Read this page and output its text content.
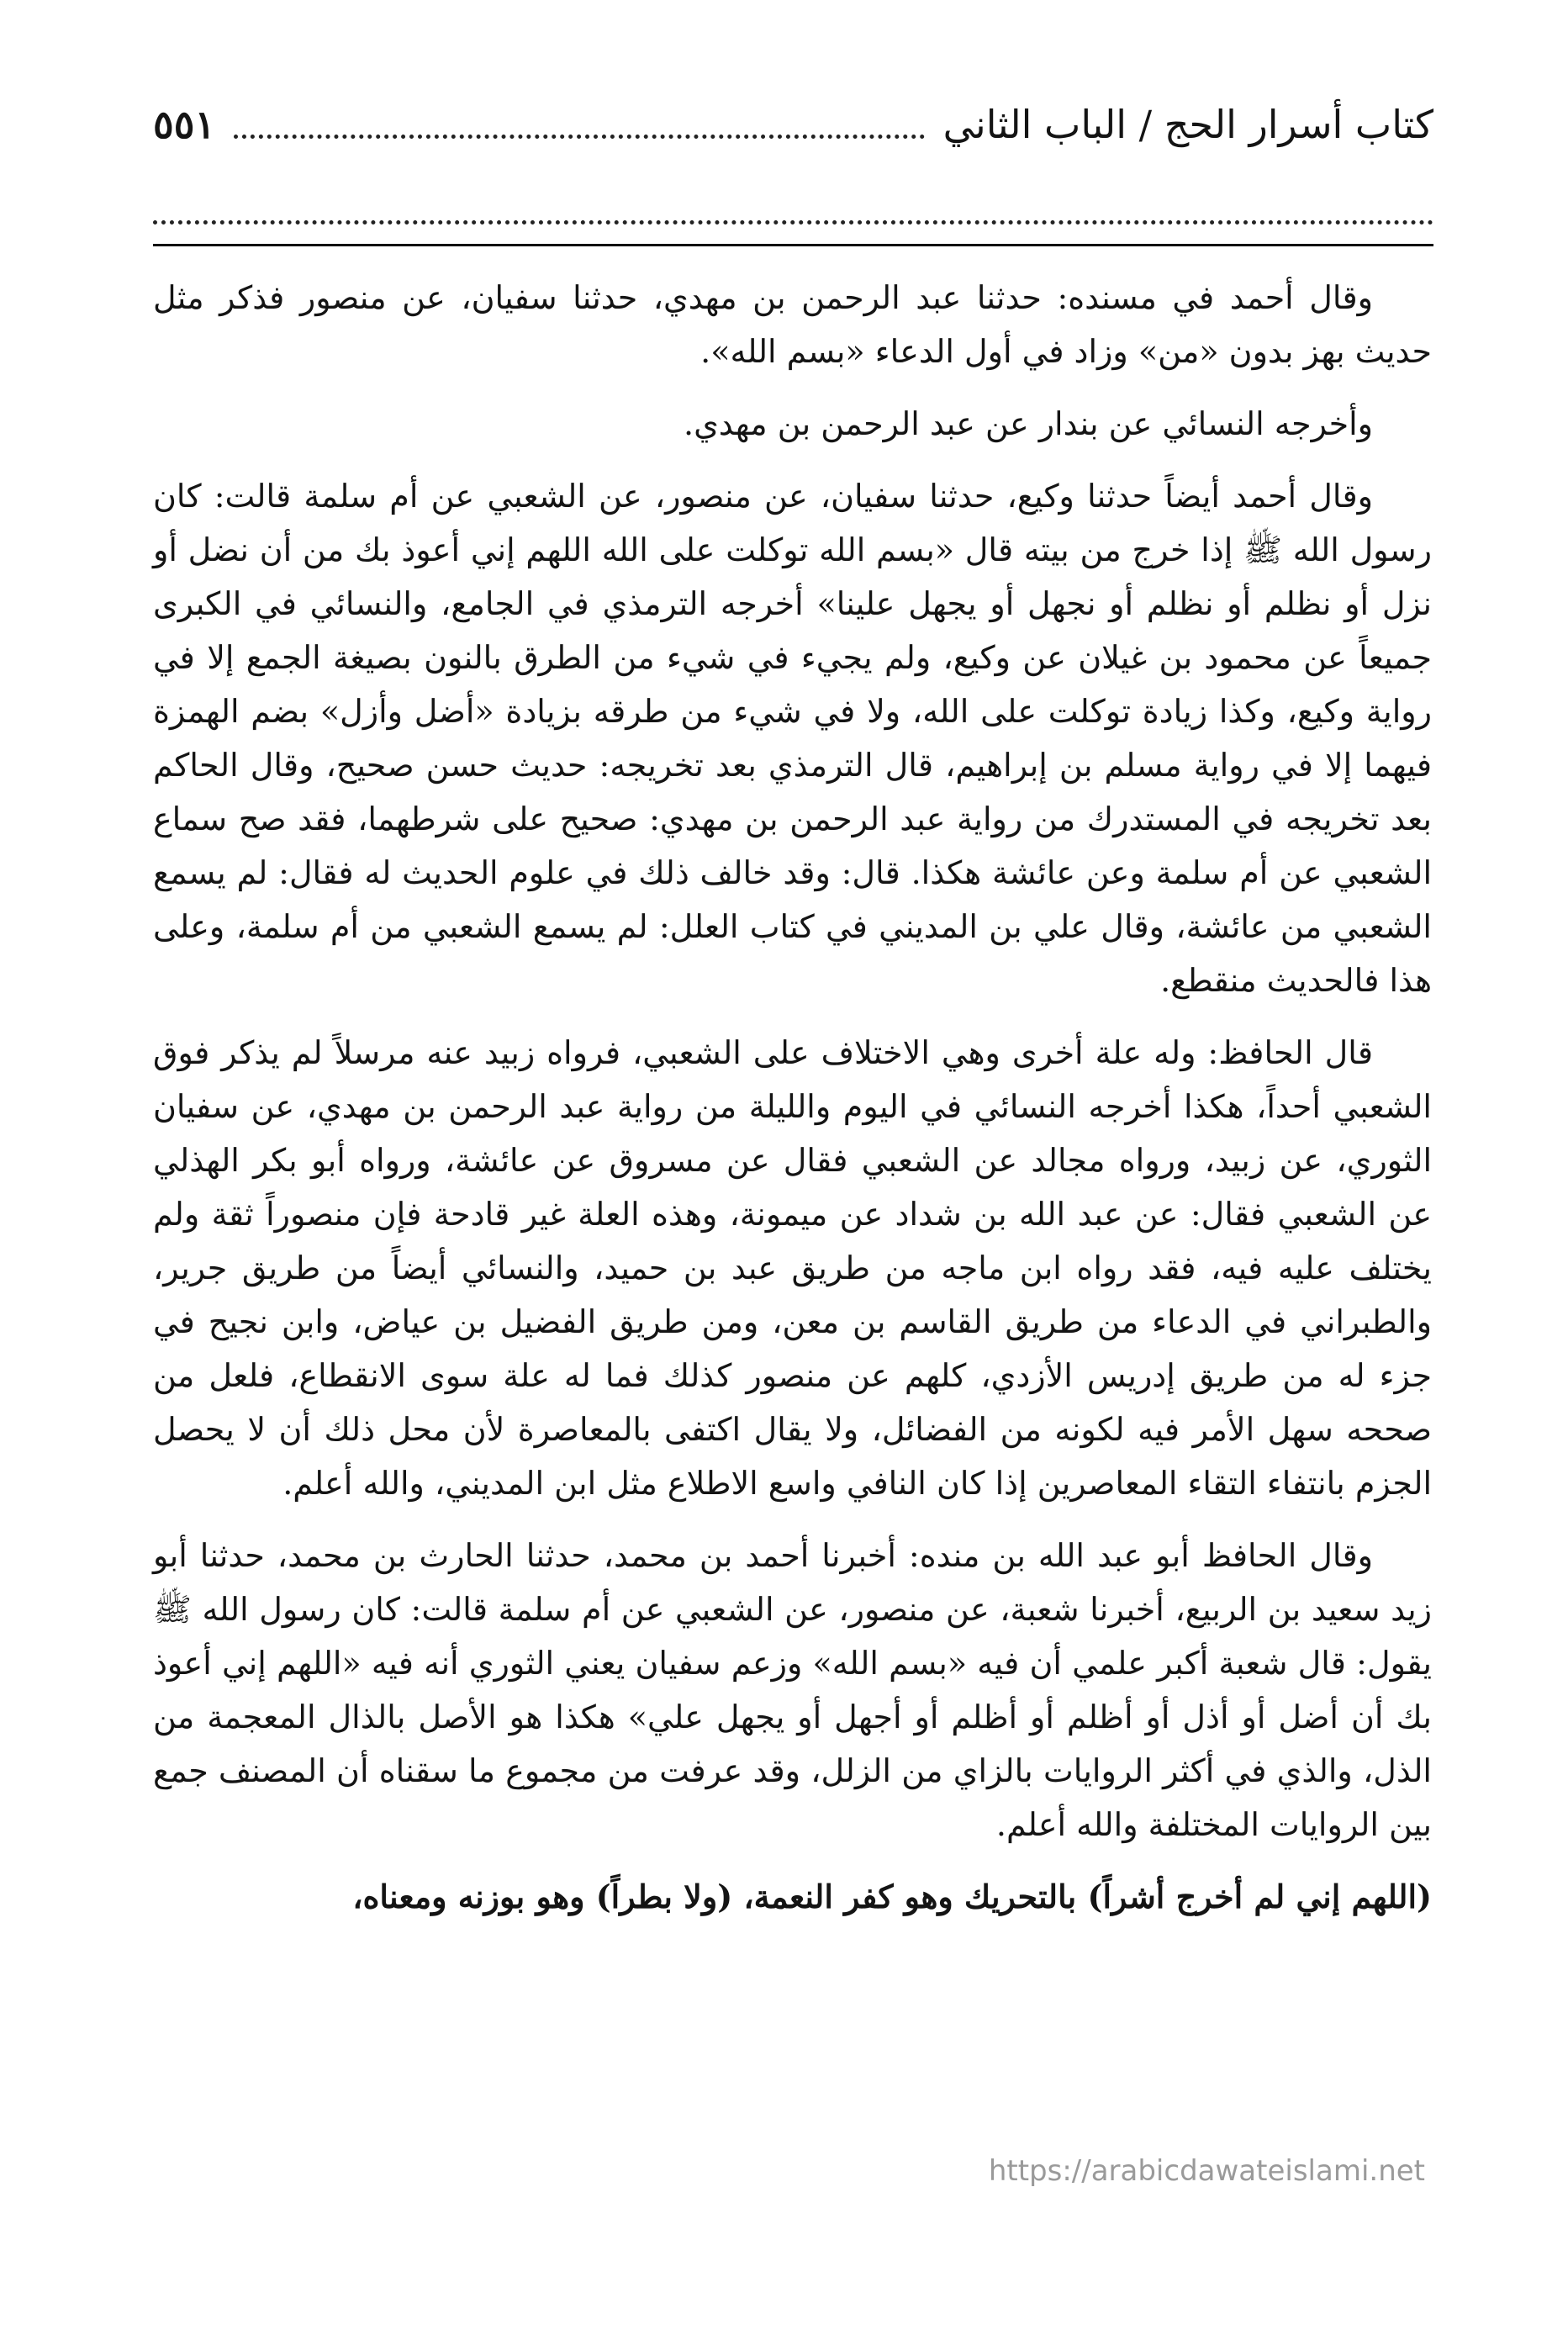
كتاب أسرار الحج / الباب الثاني
٥٥١

وقال أحمد في مسنده: حدثنا عبد الرحمن بن مهدي، حدثنا سفيان، عن منصور فذكر مثل حديث بهز بدون «من» وزاد في أول الدعاء «بسم الله».

وأخرجه النسائي عن بندار عن عبد الرحمن بن مهدي.

وقال أحمد أيضاً حدثنا وكيع، حدثنا سفيان، عن منصور، عن الشعبي عن أم سلمة قالت: كان رسول الله ﷺ إذا خرج من بيته قال «بسم الله توكلت على الله اللهم إني أعوذ بك من أن نضل أو نزل أو نظلم أو نظلم أو نجهل أو يجهل علينا» أخرجه الترمذي في الجامع، والنسائي في الكبرى جميعاً عن محمود بن غيلان عن وكيع، ولم يجيء في شيء من الطرق بالنون بصيغة الجمع إلا في رواية وكيع، وكذا زيادة توكلت على الله، ولا في شيء من طرقه بزيادة «أضل وأزل» بضم الهمزة فيهما إلا في رواية مسلم بن إبراهيم، قال الترمذي بعد تخريجه: حديث حسن صحيح، وقال الحاكم بعد تخريجه في المستدرك من رواية عبد الرحمن بن مهدي: صحيح على شرطهما، فقد صح سماع الشعبي عن أم سلمة وعن عائشة هكذا. قال: وقد خالف ذلك في علوم الحديث له فقال: لم يسمع الشعبي من عائشة، وقال علي بن المديني في كتاب العلل: لم يسمع الشعبي من أم سلمة، وعلى هذا فالحديث منقطع.

قال الحافظ: وله علة أخرى وهي الاختلاف على الشعبي، فرواه زبيد عنه مرسلاً لم يذكر فوق الشعبي أحداً، هكذا أخرجه النسائي في اليوم والليلة من رواية عبد الرحمن بن مهدي، عن سفيان الثوري، عن زبيد، ورواه مجالد عن الشعبي فقال عن مسروق عن عائشة، ورواه أبو بكر الهذلي عن الشعبي فقال: عن عبد الله بن شداد عن ميمونة، وهذه العلة غير قادحة فإن منصوراً ثقة ولم يختلف عليه فيه، فقد رواه ابن ماجه من طريق عبد بن حميد، والنسائي أيضاً من طريق جرير، والطبراني في الدعاء من طريق القاسم بن معن، ومن طريق الفضيل بن عياض، وابن نجيح في جزء له من طريق إدريس الأزدي، كلهم عن منصور كذلك فما له علة سوى الانقطاع، فلعل من صححه سهل الأمر فيه لكونه من الفضائل، ولا يقال اكتفى بالمعاصرة لأن محل ذلك أن لا يحصل الجزم بانتفاء التقاء المعاصرين إذا كان النافي واسع الاطلاع مثل ابن المديني، والله أعلم.

وقال الحافظ أبو عبد الله بن منده: أخبرنا أحمد بن محمد، حدثنا الحارث بن محمد، حدثنا أبو زيد سعيد بن الربيع، أخبرنا شعبة، عن منصور، عن الشعبي عن أم سلمة قالت: كان رسول الله ﷺ يقول: قال شعبة أكبر علمي أن فيه «بسم الله» وزعم سفيان يعني الثوري أنه فيه «اللهم إني أعوذ بك أن أضل أو أذل أو أظلم أو أظلم أو أجهل أو يجهل علي» هكذا هو الأصل بالذال المعجمة من الذل، والذي في أكثر الروايات بالزاي من الزلل، وقد عرفت من مجموع ما سقناه أن المصنف جمع بين الروايات المختلفة والله أعلم.

(اللهم إني لم أخرج أشراً) بالتحريك وهو كفر النعمة، (ولا بطراً) وهو بوزنه ومعناه،

https://arabicdawateislami.net
